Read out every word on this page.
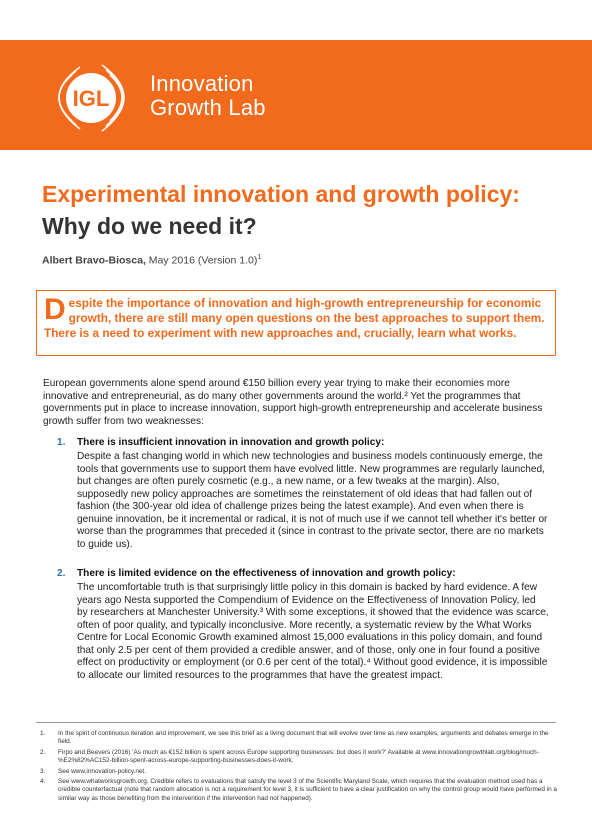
IGL
Innovation
Growth Lab
Experimental innovation and growth policy: Why do we need it?
Albert Bravo-Biosca, May 2016 (Version 1.0)$^1$
Despite the importance of innovation and high-growth entrepreneurship for economic growth, there are still many open questions on the best approaches to support them. There is a need to experiment with new approaches and, crucially, learn what works.
European governments alone spend around €150 billion every year trying to make their economies more innovative and entrepreneurial, as do many other governments around the world.² Yet the programmes that governments put in place to increase innovation, support high-growth entrepreneurship and accelerate business growth suffer from two weaknesses:
1. There is insufficient innovation in innovation and growth policy:
Despite a fast changing world in which new technologies and business models continuously emerge, the tools that governments use to support them have evolved little. New programmes are regularly launched, but changes are often purely cosmetic (e.g., a new name, or a few tweaks at the margin). Also, supposedly new policy approaches are sometimes the reinstatement of old ideas that had fallen out of fashion (the 300-year old idea of challenge prizes being the latest example). And even when there is genuine innovation, be it incremental or radical, it is not of much use if we cannot tell whether it's better or worse than the programmes that preceded it (since in contrast to the private sector, there are no markets to guide us).
2. There is limited evidence on the effectiveness of innovation and growth policy:
The uncomfortable truth is that surprisingly little policy in this domain is backed by hard evidence. A few years ago Nesta supported the Compendium of Evidence on the Effectiveness of Innovation Policy, led by researchers at Manchester University.³ With some exceptions, it showed that the evidence was scarce, often of poor quality, and typically inconclusive. More recently, a systematic review by the What Works Centre for Local Economic Growth examined almost 15,000 evaluations in this policy domain, and found that only 2.5 per cent of them provided a credible answer, and of those, only one in four found a positive effect on productivity or employment (or 0.6 per cent of the total).⁴ Without good evidence, it is impossible to allocate our limited resources to the programmes that have the greatest impact.
1. In the spirit of continuous iteration and improvement, we see this brief as a living document that will evolve over time as new examples, arguments and debates emerge in the field.
2. Firpo and Beevers (2016) 'As much as €152 billion is spent across Europe supporting businesses: but does it work?' Available at www.innovationgrowthlab.org/blog/much-%E2%82%AC152-billion-spent-across-europe-supporting-businesses-does-it-work.
3. See www.innovation-policy.net.
4. See www.whatworksgrowth.org. Credible refers to evaluations that satisfy the level 3 of the Scientific Maryland Scale, which requires that the evaluation method used has a credible counterfactual (note that random allocation is not a requirement for level 3, it is sufficient to have a clear justification on why the control group would have performed in a similar way as those benefiting from the intervention if the intervention had not happened).
